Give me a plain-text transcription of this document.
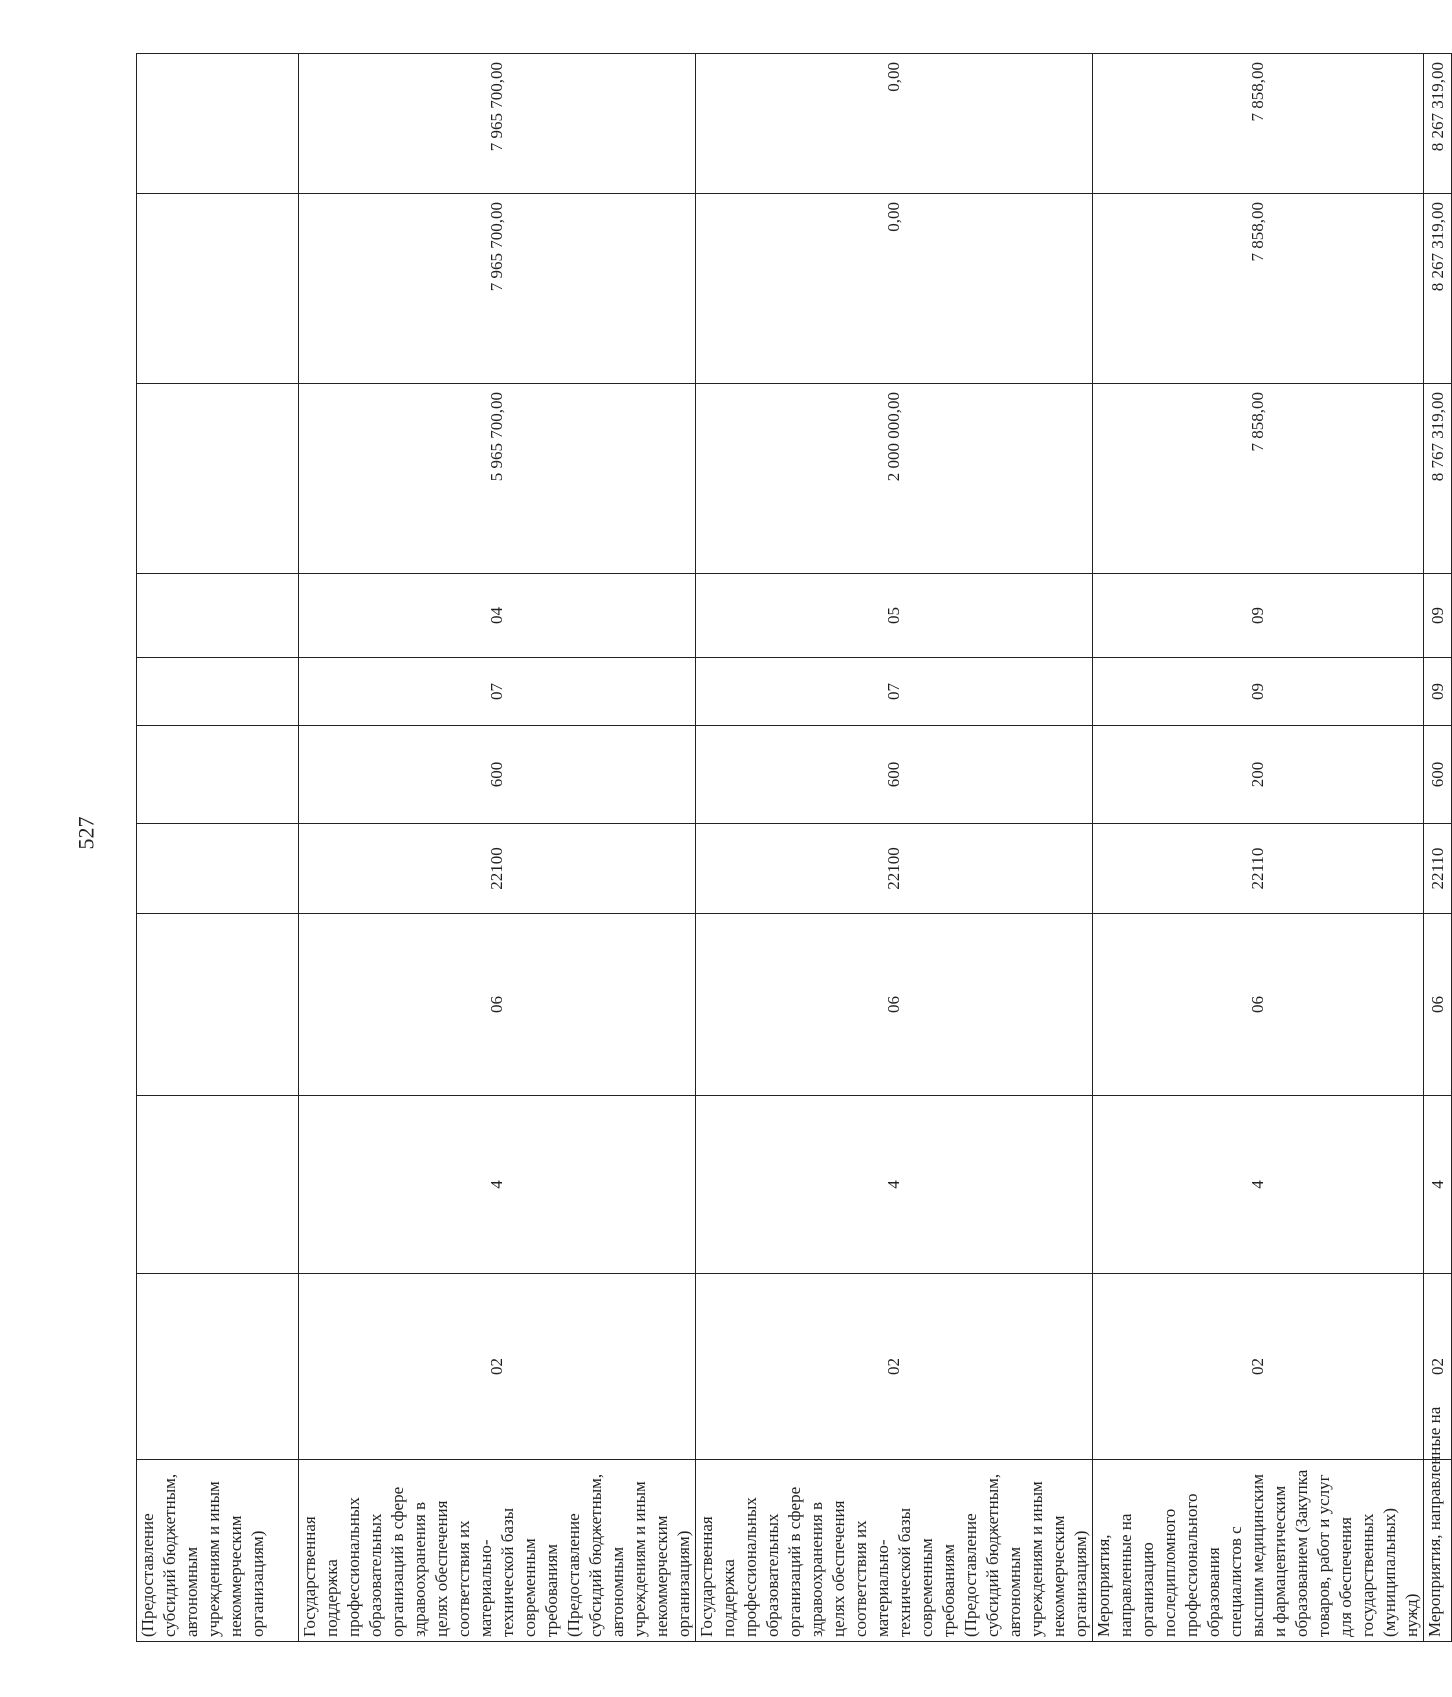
527
(Предоставление субсидий бюджетным, автономным учреждениям и иным некоммерческим организациям)										
Государственная поддержка профессиональных образовательных организаций в сфере здравоохранения в целях обеспечения соответствия их материально-технической базы современным требованиям (Предоставление субсидий бюджетным, автономным учреждениям и иным некоммерческим организациям)	02	4	06	22100	600	07	04	5 965 700,00	7 965 700,00	7 965 700,00
Государственная поддержка профессиональных образовательных организаций в сфере здравоохранения в целях обеспечения соответствия их материально-технической базы современным требованиям (Предоставление субсидий бюджетным, автономным учреждениям и иным некоммерческим организациям)	02	4	06	22100	600	07	05	2 000 000,00	0,00	0,00
Мероприятия, направленные на организацию последипломного профессионального образования специалистов с высшим медицинским и фармацевтическим образованием (Закупка товаров, работ и услуг для обеспечения государственных (муниципальных) нужд)	02	4	06	22110	200	09	09	7 858,00	7 858,00	7 858,00
Мероприятия, направленные на	02	4	06	22110	600	09	09	8 767 319,00	8 267 319,00	8 267 319,00
